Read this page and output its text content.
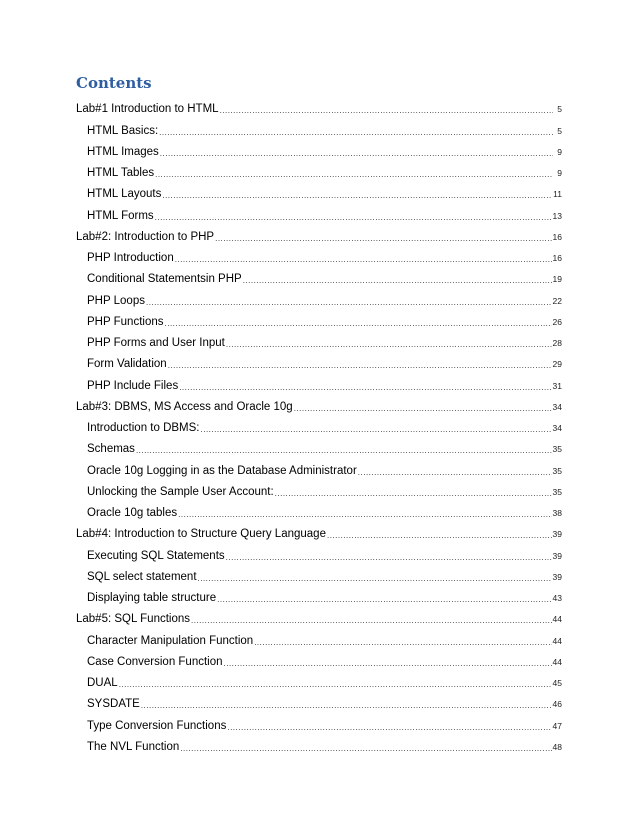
Contents
Lab#1 Introduction to HTML .....	5
HTML Basics: .....	5
HTML Images .....	9
HTML Tables .....	9
HTML Layouts .....	11
HTML Forms .....	13
Lab#2: Introduction to PHP .....	16
PHP Introduction .....	16
Conditional Statementsin PHP .....	19
PHP Loops .....	22
PHP Functions .....	26
PHP Forms and User Input .....	28
Form Validation .....	29
PHP Include Files .....	31
Lab#3: DBMS, MS Access and Oracle 10g .....	34
Introduction to DBMS: .....	34
Schemas .....	35
Oracle 10g Logging in as the Database Administrator .....	35
Unlocking the Sample User Account: .....	35
Oracle 10g tables .....	38
Lab#4: Introduction to Structure Query Language .....	39
Executing SQL Statements .....	39
SQL select statement .....	39
Displaying table structure .....	43
Lab#5: SQL Functions .....	44
Character Manipulation Function .....	44
Case Conversion Function .....	44
DUAL .....	45
SYSDATE .....	46
Type Conversion Functions .....	47
The NVL Function .....	48
